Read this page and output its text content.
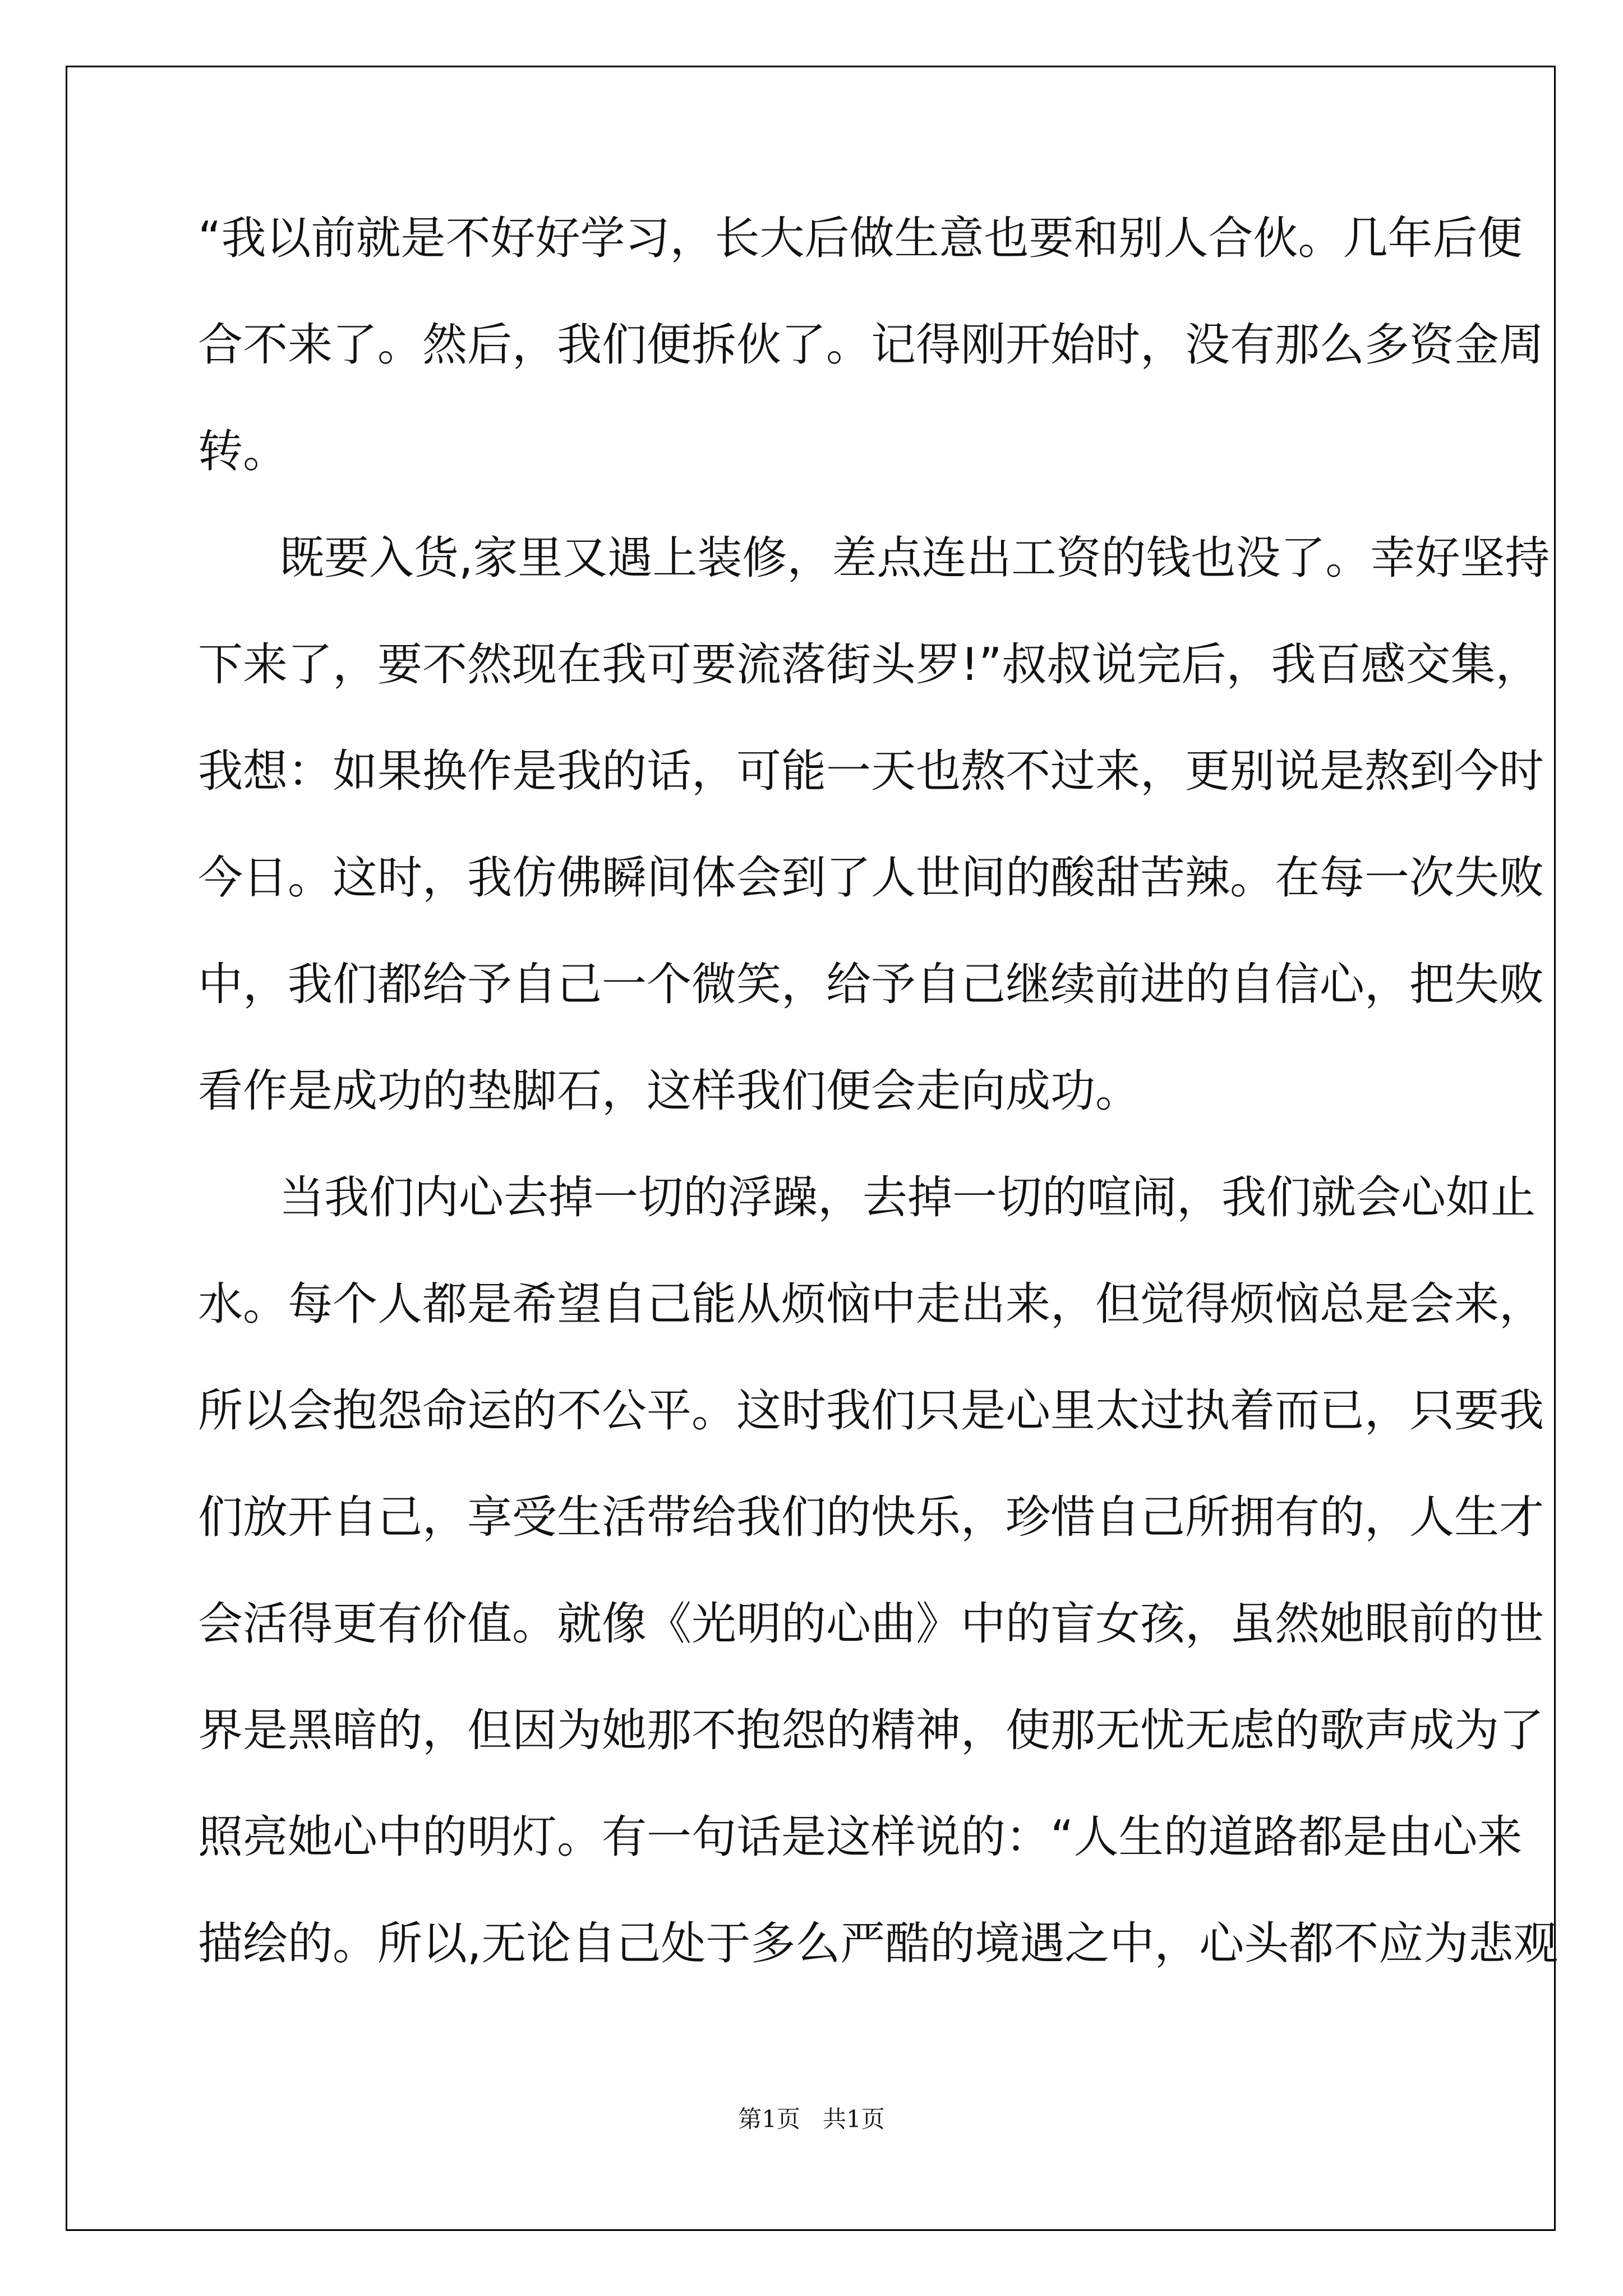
“我以前就是不好好学习，长大后做生意也要和别人合伙。几年后便

合不来了。然后，我们便拆伙了。记得刚开始时，没有那么多资金周

转。

既要入货,家里又遇上装修，差点连出工资的钱也没了。幸好坚持

下来了，要不然现在我可要流落街头罗!”叔叔说完后，我百感交集，

我想：如果换作是我的话，可能一天也熬不过来，更别说是熬到今时

今日。这时，我仿佛瞬间体会到了人世间的酸甜苦辣。在每一次失败

中，我们都给予自己一个微笑，给予自己继续前进的自信心，把失败

看作是成功的垫脚石，这样我们便会走向成功。

当我们内心去掉一切的浮躁，去掉一切的喧闹，我们就会心如止

水。每个人都是希望自己能从烦恼中走出来，但觉得烦恼总是会来，

所以会抱怨命运的不公平。这时我们只是心里太过执着而已，只要我

们放开自己，享受生活带给我们的快乐，珍惜自己所拥有的，人生才

会活得更有价值。就像《光明的心曲》中的盲女孩，虽然她眼前的世

界是黑暗的，但因为她那不抱怨的精神，使那无忧无虑的歌声成为了

照亮她心中的明灯。有一句话是这样说的：“人生的道路都是由心来

描绘的。所以,无论自己处于多么严酷的境遇之中，心头都不应为悲观

第1页   共1页
